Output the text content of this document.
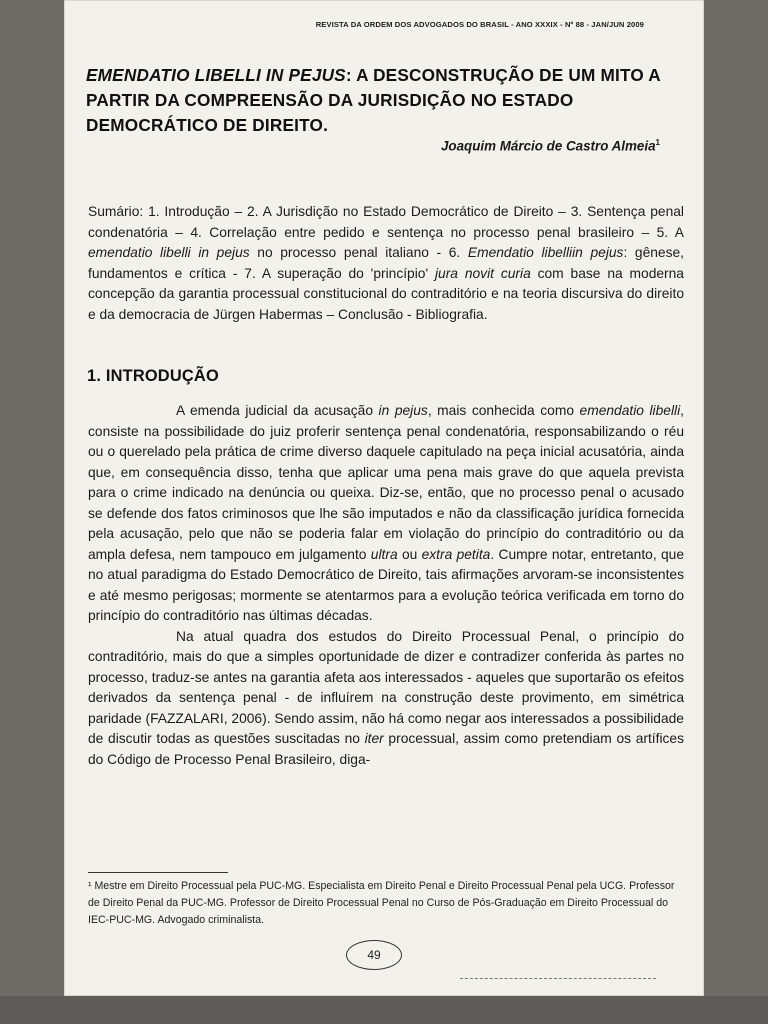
REVISTA DA ORDEM DOS ADVOGADOS DO BRASIL - ANO XXXIX - Nº 88 - JAN/JUN 2009
EMENDATIO LIBELLI IN PEJUS: A DESCONSTRUÇÃO DE UM MITO A PARTIR DA COMPREENSÃO DA JURISDIÇÃO NO ESTADO DEMOCRÁTICO DE DIREITO.
Joaquim Márcio de Castro Almeia$^1$
Sumário: 1. Introdução – 2. A Jurisdição no Estado Democrático de Direito – 3. Sentença penal condenatória – 4. Correlação entre pedido e sentença no processo penal brasileiro – 5. A emendatio libelli in pejus no processo penal italiano - 6. Emendatio libelliin pejus: gênese, fundamentos e crítica - 7. A superação do 'princípio' jura novit curia com base na moderna concepção da garantia processual constitucional do contraditório e na teoria discursiva do direito e da democracia de Jürgen Habermas – Conclusão - Bibliografia.
1. INTRODUÇÃO

A emenda judicial da acusação in pejus, mais conhecida como emendatio libelli, consiste na possibilidade do juiz proferir sentença penal condenatória, responsabilizando o réu ou o querelado pela prática de crime diverso daquele capitulado na peça inicial acusatória, ainda que, em consequência disso, tenha que aplicar uma pena mais grave do que aquela prevista para o crime indicado na denúncia ou queixa. Diz-se, então, que no processo penal o acusado se defende dos fatos criminosos que lhe são imputados e não da classificação jurídica fornecida pela acusação, pelo que não se poderia falar em violação do princípio do contraditório ou da ampla defesa, nem tampouco em julgamento ultra ou extra petita. Cumpre notar, entretanto, que no atual paradigma do Estado Democrático de Direito, tais afirmações arvoram-se inconsistentes e até mesmo perigosas; mormente se atentarmos para a evolução teórica verificada em torno do princípio do contraditório nas últimas décadas.

Na atual quadra dos estudos do Direito Processual Penal, o princípio do contraditório, mais do que a simples oportunidade de dizer e contradizer conferida às partes no processo, traduz-se antes na garantia afeta aos interessados - aqueles que suportarão os efeitos derivados da sentença penal - de influírem na construção deste provimento, em simétrica paridade (FAZZALARI, 2006). Sendo assim, não há como negar aos interessados a possibilidade de discutir todas as questões suscitadas no iter processual, assim como pretendiam os artífices do Código de Processo Penal Brasileiro, diga-

¹ Mestre em Direito Processual pela PUC-MG. Especialista em Direito Penal e Direito Processual Penal pela UCG. Professor de Direito Penal da PUC-MG. Professor de Direito Processual Penal no Curso de Pós-Graduação em Direito Processual do IEC-PUC-MG. Advogado criminalista.
49
